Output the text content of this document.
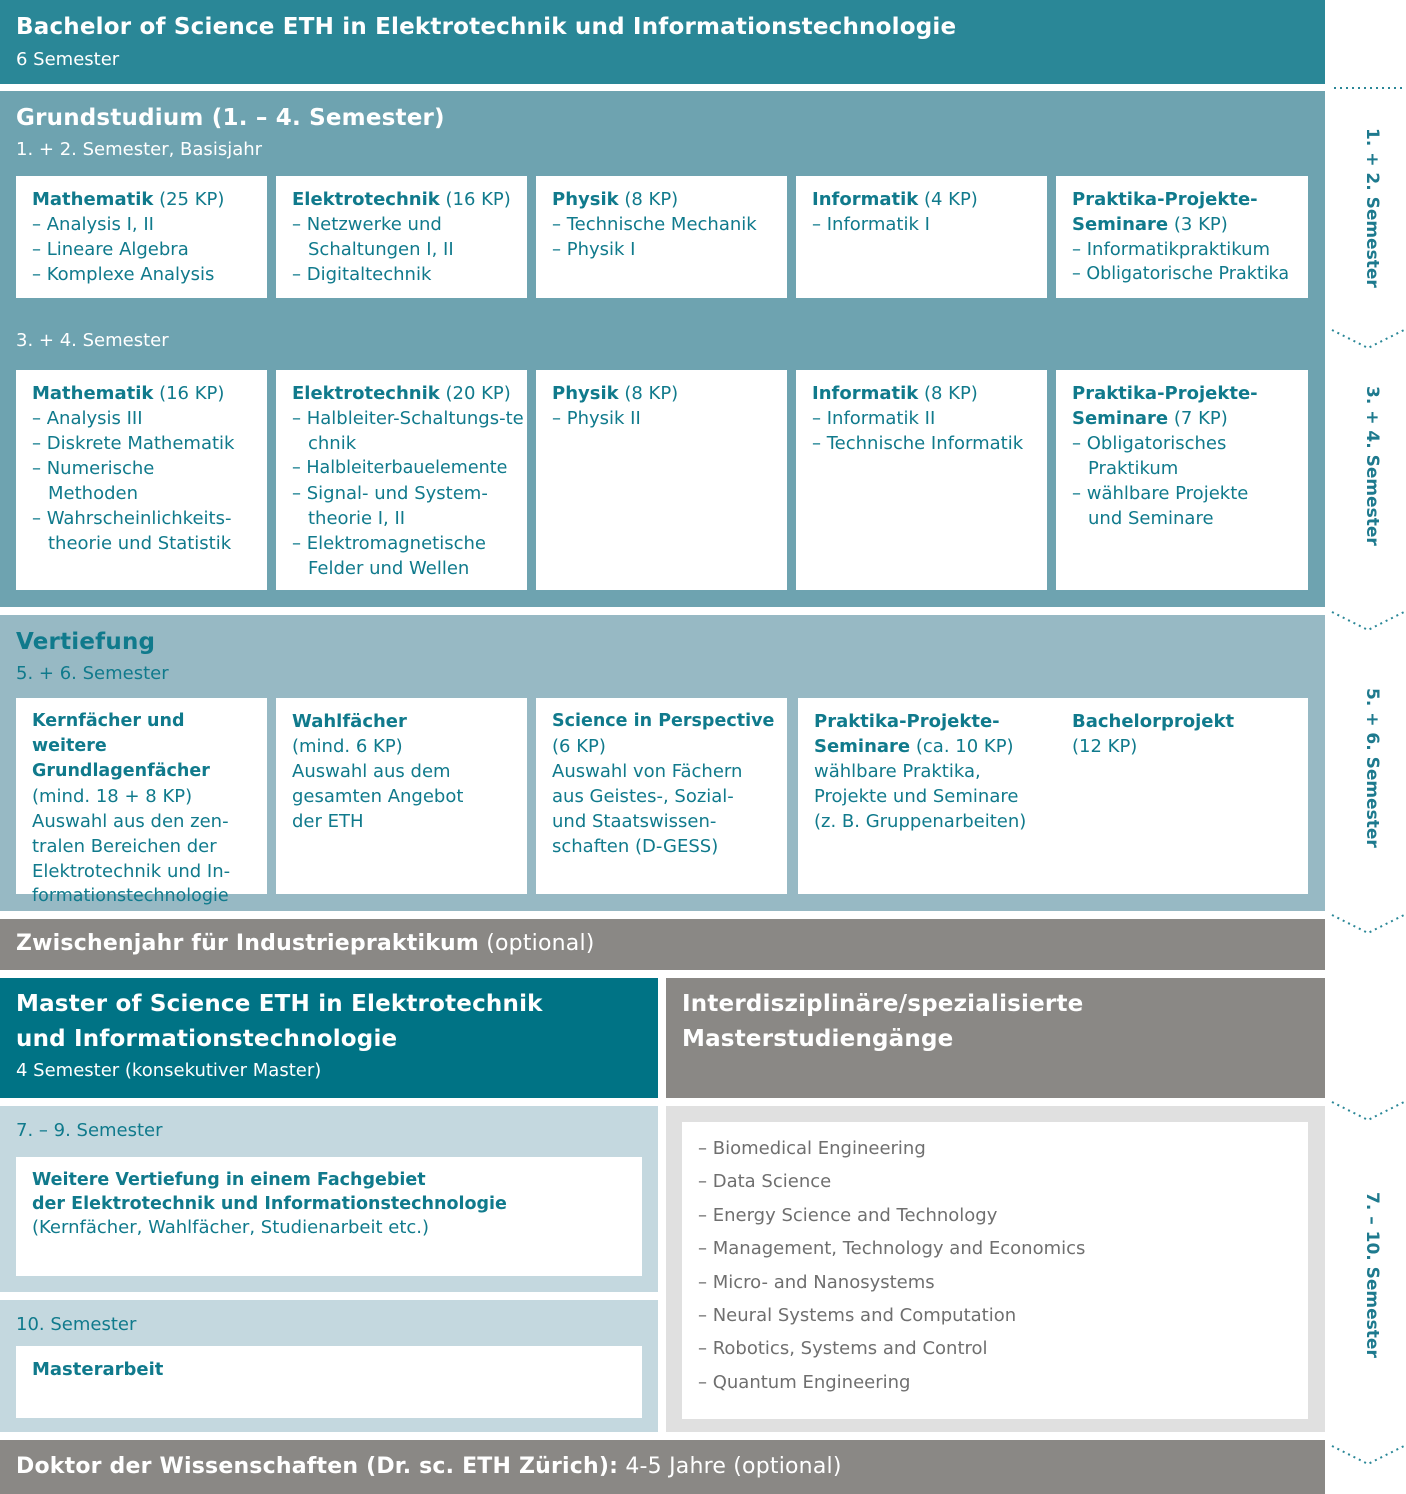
Bachelor of Science ETH in Elektrotechnik und Informationstechnologie
6 Semester
Grundstudium (1. – 4. Semester)
1. + 2. Semester, Basisjahr
3. + 4. Semester
Mathematik (25 KP)
– Analysis I, II
– Lineare Algebra
– Komplexe Analysis
Elektrotechnik (16 KP)
– Netzwerke und Schaltungen I, II
– Digitaltechnik
Physik (8 KP)
– Technische Mechanik
– Physik I
Informatik (4 KP)
– Informatik I
Praktika-Projekte-Seminare (3 KP)
– Informatikpraktikum
– Obligatorische Praktika
Mathematik (16 KP)
– Analysis III
– Diskrete Mathematik
– Numerische Methoden
– Wahrscheinlichkeits-theorie und Statistik
Elektrotechnik (20 KP)
– Halbleiter-Schaltungs-technik
– Halbleiterbauelemente
– Signal- und System-theorie I, II
– Elektromagnetische Felder und Wellen
Physik (8 KP)
– Physik II
Informatik (8 KP)
– Informatik II
– Technische Informatik
Praktika-Projekte-Seminare (7 KP)
– Obligatorisches Praktikum
– wählbare Projekte und Seminare
Vertiefung
5. + 6. Semester
Kernfächer und weitere Grundlagenfächer
(mind. 18 + 8 KP)
Auswahl aus den zen-
tralen Bereichen der
Elektrotechnik und In-
formationstechnologie
Wahlfächer
(mind. 6 KP)
Auswahl aus dem
gesamten Angebot
der ETH
Science in Perspective
(6 KP)
Auswahl von Fächern
aus Geistes-, Sozial-
und Staatswissen-
schaften (D-GESS)
Praktika-Projekte-Seminare (ca. 10 KP)
wählbare Praktika,
Projekte und Seminare
(z. B. Gruppenarbeiten)
Bachelorprojekt
(12 KP)
Zwischenjahr für Industriepraktikum (optional)
Master of Science ETH in Elektrotechnik
und Informationstechnologie
4 Semester (konsekutiver Master)
7. – 9. Semester
Weitere Vertiefung in einem Fachgebiet
der Elektrotechnik und Informationstechnologie
(Kernfächer, Wahlfächer, Studienarbeit etc.)
10. Semester
Masterarbeit
Interdisziplinäre/spezialisierte
Masterstudiengänge
– Biomedical Engineering
– Data Science
– Energy Science and Technology
– Management, Technology and Economics
– Micro- and Nanosystems
– Neural Systems and Computation
– Robotics, Systems and Control
– Quantum Engineering
Doktor der Wissenschaften (Dr. sc. ETH Zürich): 4-5 Jahre (optional)
1. + 2. Semester
3. + 4. Semester
5. + 6. Semester
7. – 10. Semester
